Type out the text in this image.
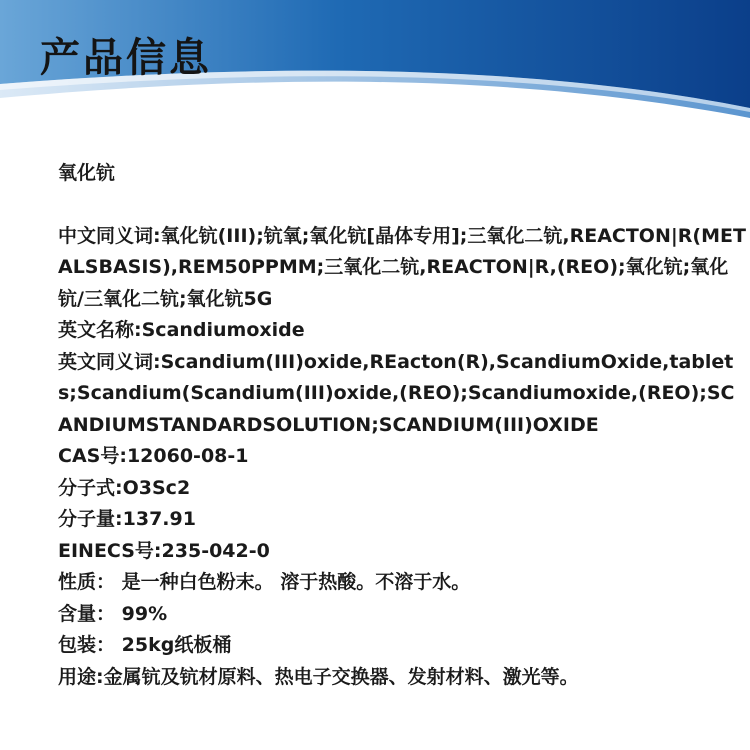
产品信息
氧化钪
中文同义词:氧化钪(III);钪氧;氧化钪[晶体专用];三氧化二钪,REACTON|R(METALSBASIS),REM50PPMM;三氧化二钪,REACTON|R,(REO);氧化钪;氧化钪/三氧化二钪;氧化钪5G
英文名称:Scandiumoxide
英文同义词:Scandium(III)oxide,REacton(R),ScandiumOxide,tablets;Scandium(Scandium(III)oxide,(REO);Scandiumoxide,(REO);SCANDIUMSTANDARDSOLUTION;SCANDIUM(III)OXIDE
CAS号:12060-08-1
分子式:O3Sc2
分子量:137.91
EINECS号:235-042-0
性质： 是一种白色粉末。 溶于热酸。不溶于水。
含量： 99%
包装： 25kg纸板桶
用途:金属钪及钪材原料、热电子交换器、发射材料、激光等。
